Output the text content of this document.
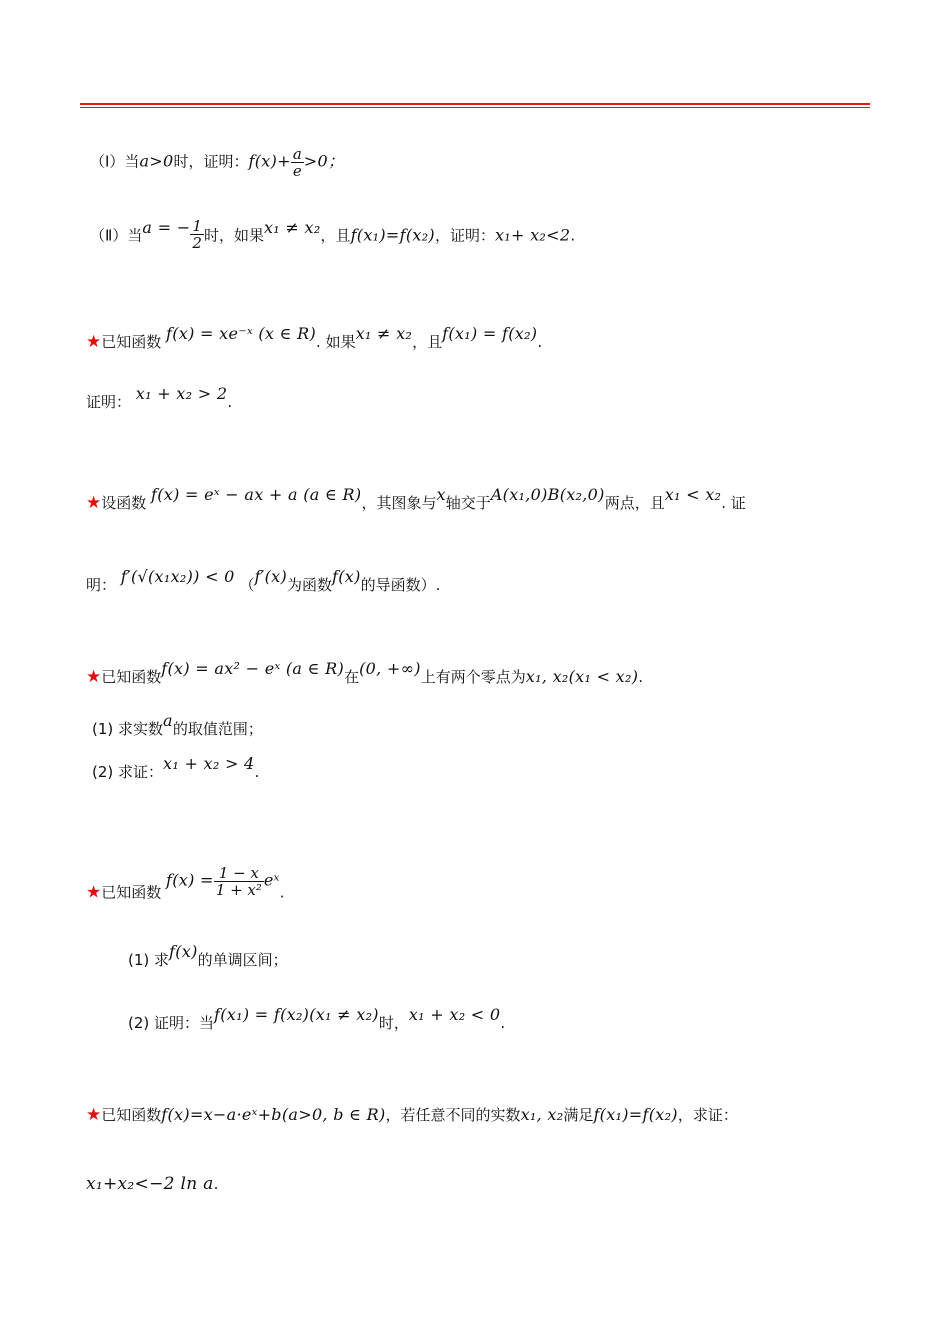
（Ⅰ）当a>0时，证明：$f(x)+ \frac{a}{e} >0$；
（Ⅱ）当a = − $\frac{1}{2}$ 时，如果x₁ ≠ x₂，且f(x₁)=f(x₂)，证明：x₁+ x₂<2.
★已知函数 f(x) = xe⁻ˣ (x ∈ R). 如果x₁ ≠ x₂，且f(x₁) = f(x₂).
证明： x₁ + x₂ > 2.
★设函数 f(x) = eˣ − ax + a (a ∈ R)，其图象与x轴交于A(x₁,0)B(x₂,0)两点，且x₁ < x₂. 证
明： f′(√(x₁x₂)) < 0 （f′(x)为函数f(x)的导函数）.
★已知函数f(x) = ax² − eˣ (a ∈ R)在(0, +∞)上有两个零点为x₁, x₂(x₁ < x₂).
(1) 求实数a的取值范围；
(2) 求证：x₁ + x₂ > 4.
★已知函数 $f(x) = \frac{1 - x}{\text{1 + x²}}$ eˣ.
(1) 求f(x)的单调区间；
(2) 证明：当f(x₁) = f(x₂)(x₁ ≠ x₂)时，x₁ + x₂ < 0.
★已知函数f(x)=x−a·eˣ+b(a>0, b ∈ R)，若任意不同的实数x₁, x₂满足f(x₁)=f(x₂)，求证：
x₁+x₂<−2 ln a.
